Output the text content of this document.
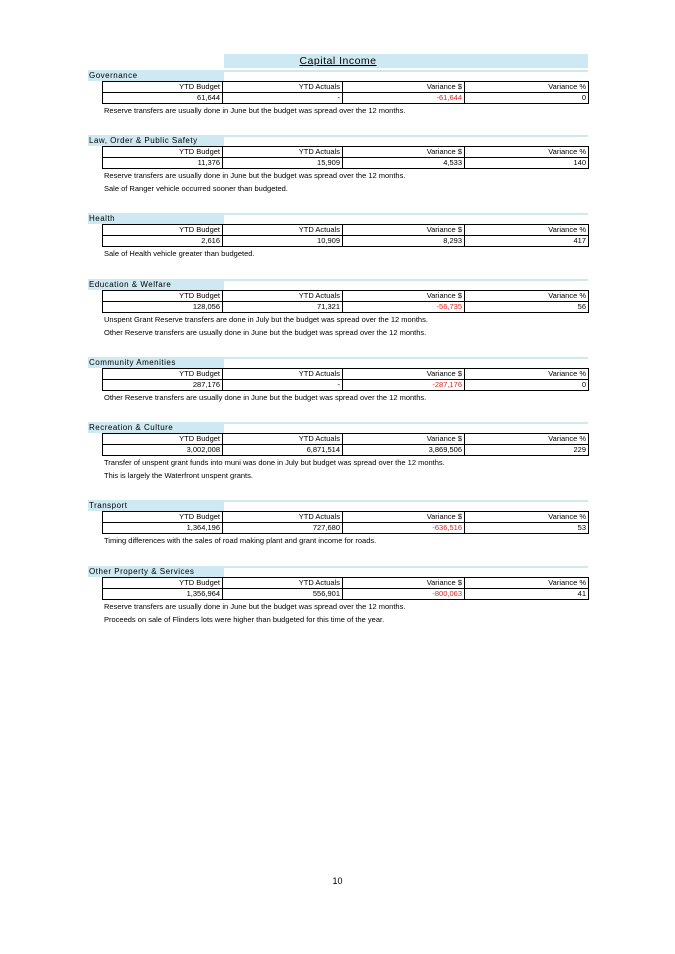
Capital Income
Governance
YTD Budget	YTD Actuals	Variance $	Variance %
61,644	-	-61,644	0
Reserve transfers are usually done in June but the budget was spread over the 12 months.
Law, Order & Public Safety
YTD Budget	YTD Actuals	Variance $	Variance %
11,376	15,909	4,533	140
Reserve transfers are usually done in June but the budget was spread over the 12 months.
Sale of Ranger vehicle occurred sooner than budgeted.
Health
YTD Budget	YTD Actuals	Variance $	Variance %
2,616	10,909	8,293	417
Sale of Health vehicle greater than budgeted.
Education & Welfare
YTD Budget	YTD Actuals	Variance $	Variance %
128,056	71,321	-56,735	56
Unspent Grant Reserve transfers are done in July but the budget was spread over the 12 months.
Other Reserve transfers are usually done in June but the budget was spread over the 12 months.
Community Amenities
YTD Budget	YTD Actuals	Variance $	Variance %
287,176	-	-287,176	0
Other Reserve transfers are usually done in June but the budget was spread over the 12 months.
Recreation & Culture
YTD Budget	YTD Actuals	Variance $	Variance %
3,002,008	6,871,514	3,869,506	229
Transfer of unspent grant funds into muni was done in July but budget was spread over the 12 months.
This is largely the Waterfront unspent grants.
Transport
YTD Budget	YTD Actuals	Variance $	Variance %
1,364,196	727,680	-636,516	53
Timing differences with the sales of road making plant and grant income for roads.
Other Property & Services
YTD Budget	YTD Actuals	Variance $	Variance %
1,356,964	556,901	-800,063	41
Reserve transfers are usually done in June but the budget was spread over the 12 months.
Proceeds on sale of Flinders lots were higher than budgeted for this time of the year.
10
